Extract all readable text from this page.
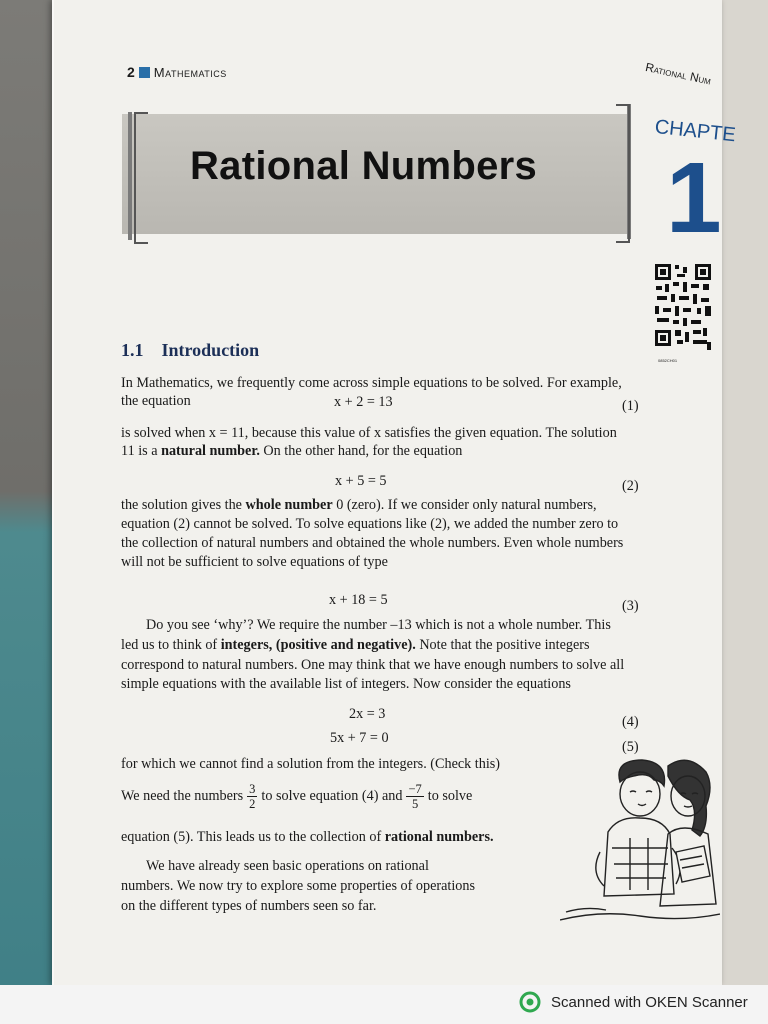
2 Mathematics	Rational Num
Rational Numbers
CHAPTE
1
0852CH01
1.1 Introduction
In Mathematics, we frequently come across simple equations to be solved. For example,
the equation	x + 2 = 13	(1)
is solved when x = 11, because this value of x satisfies the given equation. The solution
11 is a natural number. On the other hand, for the equation
x + 5 = 5	(2)
the solution gives the whole number 0 (zero). If we consider only natural numbers,
equation (2) cannot be solved. To solve equations like (2), we added the number zero to
the collection of natural numbers and obtained the whole numbers. Even whole numbers
will not be sufficient to solve equations of type
x + 18 = 5	(3)
Do you see ‘why’? We require the number –13 which is not a whole number. This
led us to think of integers, (positive and negative). Note that the positive integers
correspond to natural numbers. One may think that we have enough numbers to solve all
simple equations with the available list of integers. Now consider the equations
2x = 3	(4)
5x + 7 = 0
(5)
for which we cannot find a solution from the integers. (Check this)
We need the numbers $\frac{3}{2}$ to solve equation (4) and $\frac{-7}{5}$ to solve
equation (5). This leads us to the collection of rational numbers.
We have already seen basic operations on rational
numbers. We now try to explore some properties of operations
on the different types of numbers seen so far.
Scanned with OKEN Scanner
